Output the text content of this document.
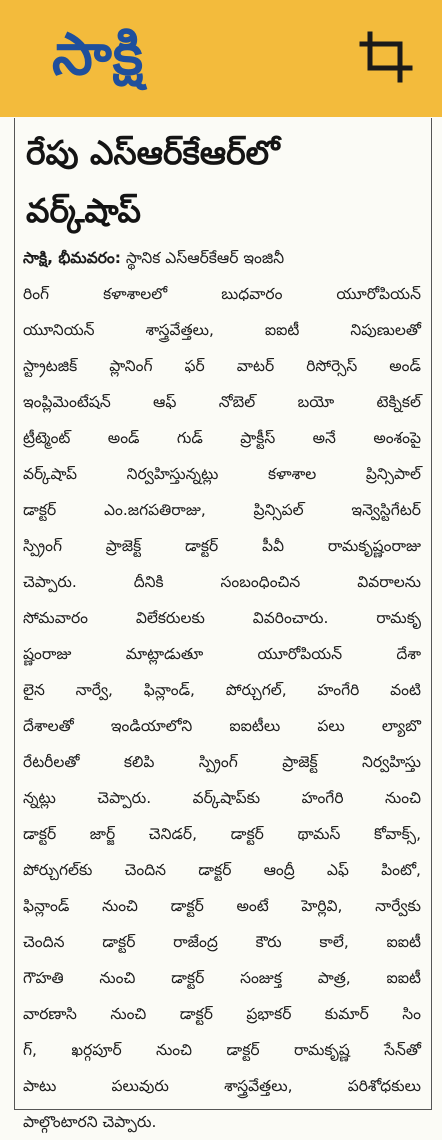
సాక్షి
రేపు ఎస్ఆర్‌కేఆర్‌లో
వర్క్‌షాప్
సాక్షి, భీమవరం: స్థానిక ఎస్ఆర్‌కేఆర్ ఇంజినీ
రింగ్ కళాశాలలో బుధవారం యూరోపియన్
యూనియన్ శాస్త్రవేత్తలు, ఐఐటీ నిపుణులతో
స్ట్రాటజిక్ ప్లానింగ్ ఫర్ వాటర్ రిసోర్సెస్ అండ్
ఇంప్లిమెంటేషన్ ఆఫ్ నోబెల్ బయో టెక్నికల్
ట్రీట్మెంట్ అండ్ గుడ్ ప్రాక్టీస్ అనే అంశంపై
వర్క్‌షాప్ నిర్వహిస్తున్నట్లు కళాశాల ప్రిన్సిపాల్
డాక్టర్ ఎం.జగపతిరాజు, ప్రిన్సిపల్ ఇన్వెస్టిగేటర్
స్ప్రింగ్ ప్రాజెక్ట్ డాక్టర్ పీవీ రామకృష్ణంరాజు
చెప్పారు. దీనికి సంబంధించిన వివరాలను
సోమవారం విలేకరులకు వివరించారు. రామకృ
ష్ణంరాజు మాట్లాడుతూ యూరోపియన్ దేశా
లైన నార్వే, ఫిన్లాండ్, పోర్చుగల్, హంగేరి వంటి
దేశాలతో ఇండియాలోని ఐఐటీలు పలు ల్యాబొ
రేటరీలతో కలిపి స్ప్రింగ్ ప్రాజెక్ట్ నిర్వహిస్తు
న్నట్లు చెప్పారు. వర్క్‌షాప్‌కు హంగేరి నుంచి
డాక్టర్ జార్జ్ చెనిడర్, డాక్టర్ థామస్ కోవాక్స్,
పోర్చుగల్‌కు చెందిన డాక్టర్ ఆంద్రీ ఎఫ్ పింటో,
ఫిన్లాండ్ నుంచి డాక్టర్ అంటే హెర్లివి, నార్వేకు
చెందిన డాక్టర్ రాజేంద్ర కౌరు కాలే, ఐఐటీ
గౌహతి నుంచి డాక్టర్ సంజుక్త పాత్ర, ఐఐటీ
వారణాసి నుంచి డాక్టర్ ప్రభాకర్ కుమార్ సిం
గ్, ఖర్గపూర్ నుంచి డాక్టర్ రామకృష్ణ సేన్‌తో
పాటు పలువురు శాస్త్రవేత్తలు, పరిశోధకులు
పాల్గొంటారని చెప్పారు.
